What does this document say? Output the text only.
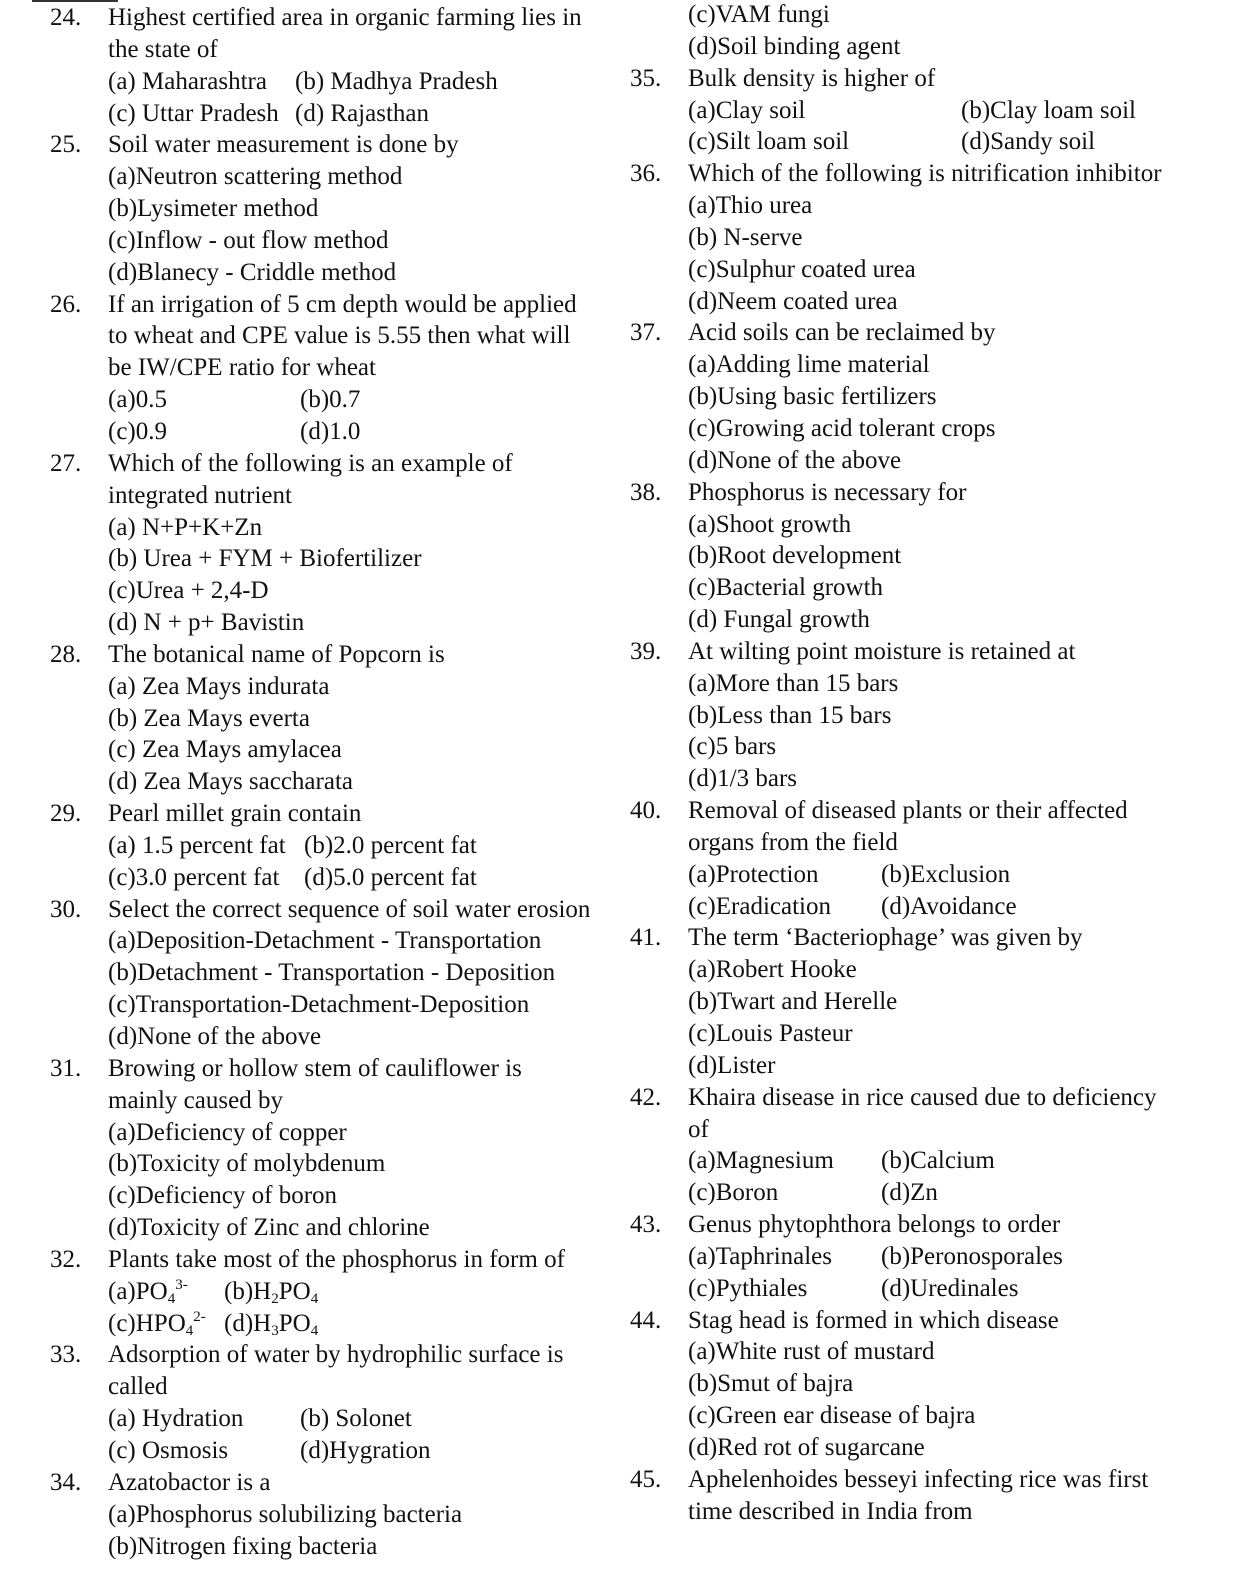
24.	Highest certified area in organic farming lies in
the state of
(a) Maharashtra (b) Madhya Pradesh
(c) Uttar Pradesh (d) Rajasthan
25.	Soil water measurement is done by
(a)Neutron scattering method
(b)Lysimeter method
(c)Inflow - out flow method
(d)Blanecy - Criddle method
26.	If an irrigation of 5 cm depth would be applied
to wheat and CPE value is 5.55 then what will
be IW/CPE ratio for wheat
(a)0.5	(b)0.7
(c)0.9	(d)1.0
27.	Which of the following is an example of
integrated nutrient
(a) N+P+K+Zn
(b) Urea + FYM + Biofertilizer
(c)Urea + 2,4-D
(d) N + p+ Bavistin
28.	The botanical name of Popcorn is
(a) Zea Mays indurata
(b) Zea Mays everta
(c) Zea Mays amylacea
(d) Zea Mays saccharata
29.	Pearl millet grain contain
(a) 1.5 percent fat (b)2.0 percent fat
(c)3.0 percent fat (d)5.0 percent fat
30.	Select the correct sequence of soil water erosion
(a)Deposition-Detachment - Transportation
(b)Detachment - Transportation - Deposition
(c)Transportation-Detachment-Deposition
(d)None of the above
31.	Browing or hollow stem of cauliflower is
mainly caused by
(a)Deficiency of copper
(b)Toxicity of molybdenum
(c)Deficiency of boron
(d)Toxicity of Zinc and chlorine
32.	Plants take most of the phosphorus in form of
$(a)PO_4^{3-}$ $(b)H_2PO_4$
$(c)HPO_4^{2-}$ $(d)H_3PO_4$
33.	Adsorption of water by hydrophilic surface is
called
(a) Hydration (b) Solonet
(c) Osmosis	(d)Hygration
34.	Azatobactor is a
(a)Phosphorus solubilizing bacteria
(b)Nitrogen fixing bacteria
(c)VAM fungi
(d)Soil binding agent
35.	Bulk density is higher of
(a)Clay soil	(b)Clay loam soil
(c)Silt loam soil	(d)Sandy soil
36.	Which of the following is nitrification inhibitor
(a)Thio urea
(b) N-serve
(c)Sulphur coated urea
(d)Neem coated urea
37.	Acid soils can be reclaimed by
(a)Adding lime material
(b)Using basic fertilizers
(c)Growing acid tolerant crops
(d)None of the above
38.	Phosphorus is necessary for
(a)Shoot growth
(b)Root development
(c)Bacterial growth
(d) Fungal growth
39.	At wilting point moisture is retained at
(a)More than 15 bars
(b)Less than 15 bars
(c)5 bars
(d)1/3 bars
40.	Removal of diseased plants or their affected
organs from the field
(a)Protection (b)Exclusion
(c)Eradication (d)Avoidance
41.	The term ‘Bacteriophage’ was given by
(a)Robert Hooke
(b)Twart and Herelle
(c)Louis Pasteur
(d)Lister
42.	Khaira disease in rice caused due to deficiency
of
(a)Magnesium (b)Calcium
(c)Boron	(d)Zn
43.	Genus phytophthora belongs to order
(a)Taphrinales (b)Peronosporales
(c)Pythiales	(d)Uredinales
44.	Stag head is formed in which disease
(a)White rust of mustard
(b)Smut of bajra
(c)Green ear disease of bajra
(d)Red rot of sugarcane
45.	Aphelenhoides besseyi infecting rice was first
time described in India from
